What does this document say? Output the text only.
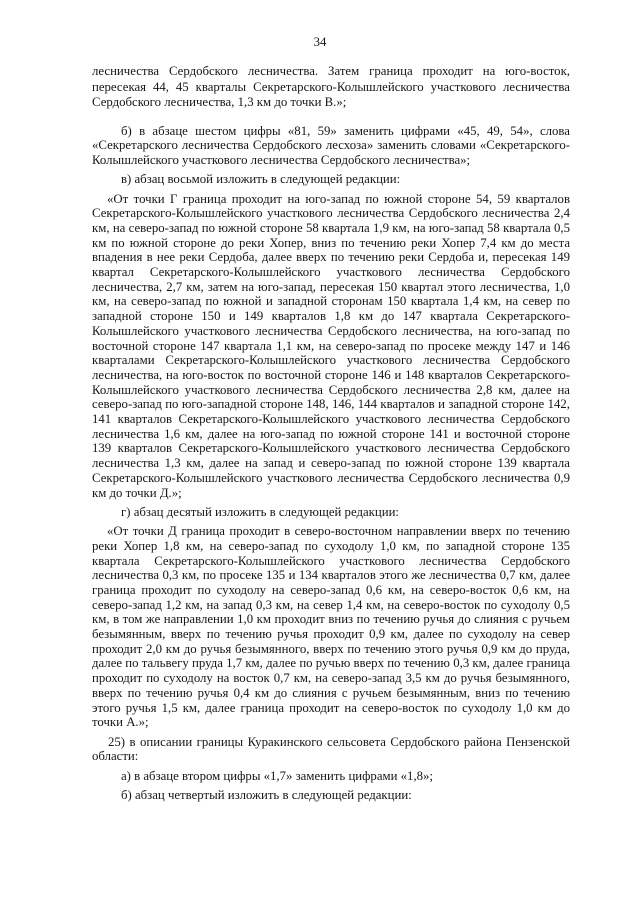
34

лесничества Сердобского лесничества. Затем граница проходит на юго-восток, пересекая 44, 45 кварталы Секретарского-Колышлейского участкового лесничества Сердобского лесничества, 1,3 км до точки В.»;

б) в абзаце шестом цифры «81, 59» заменить цифрами «45, 49, 54», слова «Секретарского лесничества Сердобского лесхоза» заменить словами «Секретарского-Колышлейского участкового лесничества Сердобского лесничества»;

в) абзац восьмой изложить в следующей редакции:

«От точки Г граница проходит на юго-запад по южной стороне 54, 59 кварталов Секретарского-Колышлейского участкового лесничества Сердобского лесничества 2,4 км, на северо-запад по южной стороне 58 квартала 1,9 км, на юго-запад 58 квартала 0,5 км по южной стороне до реки Хопер, вниз по течению реки Хопер 7,4 км до места впадения в нее реки Сердоба, далее вверх по течению реки Сердоба и, пересекая 149 квартал Секретарского-Колышлейского участкового лесничества Сердобского лесничества, 2,7 км, затем на юго-запад, пересекая 150 квартал этого лесничества, 1,0 км, на северо-запад по южной и западной сторонам 150 квартала 1,4 км, на север по западной стороне 150 и 149 кварталов 1,8 км до 147 квартала Секретарского-Колышлейского участкового лесничества Сердобского лесничества, на юго-запад по восточной стороне 147 квартала 1,1 км, на северо-запад по просеке между 147 и 146 кварталами Секретарского-Колышлейского участкового лесничества Сердобского лесничества, на юго-восток по восточной стороне 146 и 148 кварталов Секретарского-Колышлейского участкового лесничества Сердобского лесничества 2,8 км, далее на северо-запад по юго-западной стороне 148, 146, 144 кварталов и западной стороне 142, 141 кварталов Секретарского-Колышлейского участкового лесничества Сердобского лесничества 1,6 км, далее на юго-запад по южной стороне 141 и восточной стороне 139 кварталов Секретарского-Колышлейского участкового лесничества Сердобского лесничества 1,3 км, далее на запад и северо-запад по южной стороне 139 квартала Секретарского-Колышлейского участкового лесничества Сердобского лесничества 0,9 км до точки Д.»;

г) абзац десятый изложить в следующей редакции:

«От точки Д граница проходит в северо-восточном направлении вверх по течению реки Хопер 1,8 км, на северо-запад по суходолу 1,0 км, по западной стороне 135 квартала Секретарского-Колышлейского участкового лесничества Сердобского лесничества 0,3 км, по просеке 135 и 134 кварталов этого же лесничества 0,7 км, далее граница проходит по суходолу на северо-запад 0,6 км, на северо-восток 0,6 км, на северо-запад 1,2 км, на запад 0,3 км, на север 1,4 км, на северо-восток по суходолу 0,5 км, в том же направлении 1,0 км проходит вниз по течению ручья до слияния с ручьем безымянным, вверх по течению ручья проходит 0,9 км, далее по суходолу на север проходит 2,0 км до ручья безымянного, вверх по течению этого ручья 0,9 км до пруда, далее по тальвегу пруда 1,7 км, далее по ручью вверх по течению 0,3 км, далее граница проходит по суходолу на восток 0,7 км, на северо-запад 3,5 км до ручья безымянного, вверх по течению ручья 0,4 км до слияния с ручьем безымянным, вниз по течению этого ручья 1,5 км, далее граница проходит на северо-восток по суходолу 1,0 км до точки А.»;

25) в описании границы Куракинского сельсовета Сердобского района Пензенской области:

а) в абзаце втором цифры «1,7» заменить цифрами «1,8»;

б) абзац четвертый изложить в следующей редакции:
